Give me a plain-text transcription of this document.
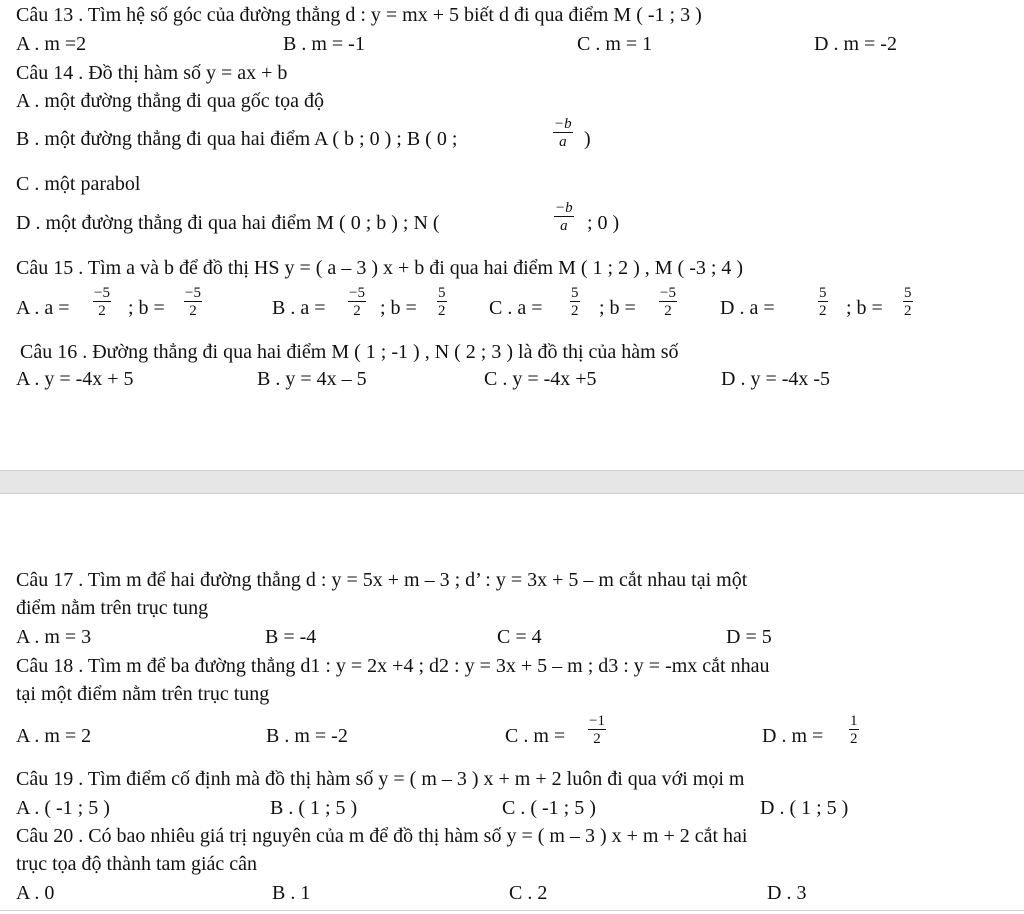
Câu 13 . Tìm hệ số góc của đường thẳng d : y = mx + 5 biết d đi qua điểm M ( -1 ; 3 )
A . m =2	B . m = -1	C . m = 1	D . m = -2
Câu 14 . Đồ thị hàm số y = ax + b
A . một đường thẳng đi qua gốc tọa độ
B . một đường thẳng đi qua hai điểm A ( b ; 0 ) ; B ( 0 ;	$\frac{-b}{a}$ )
C . một parabol
D . một đường thẳng đi qua hai điểm M ( 0 ; b ) ; N (	$\frac{-b}{a}$ ; 0 )
Câu 15 . Tìm a và b để đồ thị HS y = ( a – 3 ) x + b đi qua hai điểm M ( 1 ; 2 ) , M ( -3 ; 4 )
A . $a = \frac{-5}{2}$ ; $b = \frac{-5}{2}$	B . $a = \frac{-5}{2}$ ; $b = \frac{5}{2}$ C . $a = \frac{5}{2}$ ; $b = \frac{-5}{2}$ D . a =	$\frac{5}{2}$ ; $b = \frac{5}{2}$
Câu 16 . Đường thẳng đi qua hai điểm M ( 1 ; -1 ) , N ( 2 ; 3 ) là đồ thị của hàm số
A . y = -4x + 5	B . y = 4x – 5	C . y = -4x +5	D . y = -4x -5
Câu 17 . Tìm m để hai đường thẳng d : y = 5x + m – 3 ; d’ : y = 3x + 5 – m cắt nhau tại một
điểm nằm trên trục tung
A . m = 3	B = -4	C = 4	D = 5
Câu 18 . Tìm m để ba đường thẳng d1 : y = 2x +4 ; d2 : y = 3x + 5 – m ; d3 : y = -mx cắt nhau
tại một điểm nằm trên trục tung
A . m = 2	B . m = -2	C . $m = \frac{-1}{2}$	D . $m = \frac{1}{2}$
Câu 19 . Tìm điểm cố định mà đồ thị hàm số y = ( m – 3 ) x + m + 2 luôn đi qua với mọi m
A . ( -1 ; 5 )	B . ( 1 ; 5 )	C . ( -1 ; 5 )	D . ( 1 ; 5 )
Câu 20 . Có bao nhiêu giá trị nguyên của m để đồ thị hàm số y = ( m – 3 ) x + m + 2 cắt hai
trục tọa độ thành tam giác cân
A . 0	B . 1	C . 2	D . 3
